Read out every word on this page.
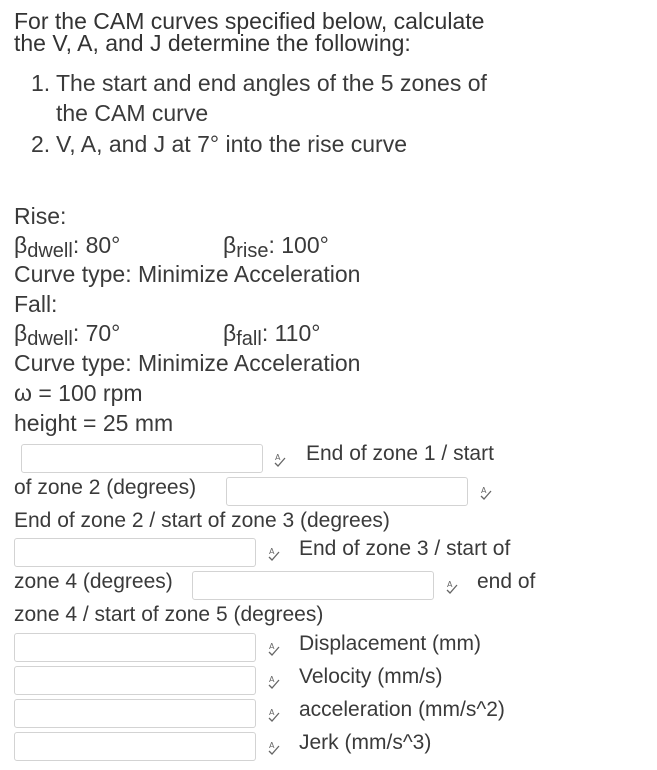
For the CAM curves specified below, calculate
the V, A, and J determine the following:
1. The start and end angles of the 5 zones of
the CAM curve
2. V, A, and J at 7° into the rise curve
Rise:
βdwell: 80°	βrise: 100°
Curve type: Minimize Acceleration
Fall:
βdwell: 70°	βfall: 110°
Curve type: Minimize Acceleration
ω = 100 rpm
height = 25 mm
A End of zone 1 / start
of zone 2 (degrees)	A
End of zone 2 / start of zone 3 (degrees)
A End of zone 3 / start of
zone 4 (degrees)	A end of
zone 4 / start of zone 5 (degrees)
A Displacement (mm)
A Velocity (mm/s)
A acceleration (mm/s^2)
A Jerk (mm/s^3)
